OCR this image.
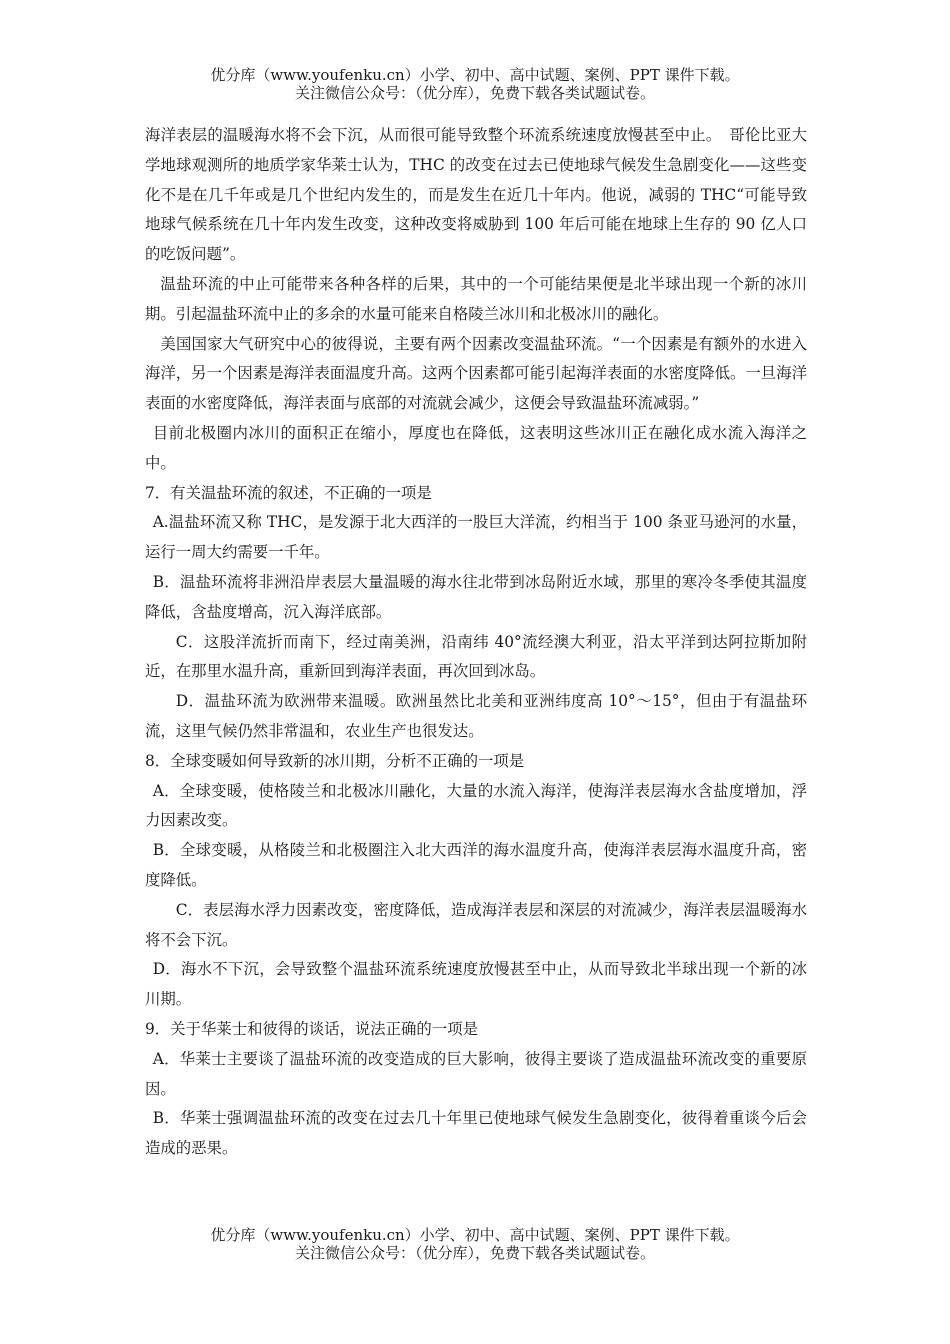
优分库（www.youfenku.cn）小学、初中、高中试题、案例、PPT 课件下载。
关注微信公众号：（优分库），免费下载各类试题试卷。

海洋表层的温暖海水将不会下沉，从而很可能导致整个环流系统速度放慢甚至中止。　哥伦比亚大学地球观测所的地质学家华莱士认为，THC 的改变在过去已使地球气候发生急剧变化——这些变化不是在几千年或是几个世纪内发生的，而是发生在近几十年内。他说，减弱的 THC“可能导致地球气候系统在几十年内发生改变，这种改变将威胁到 100 年后可能在地球上生存的 90 亿人口的吃饭问题”。

温盐环流的中止可能带来各种各样的后果，其中的一个可能结果便是北半球出现一个新的冰川期。引起温盐环流中止的多余的水量可能来自格陵兰冰川和北极冰川的融化。

美国国家大气研究中心的彼得说，主要有两个因素改变温盐环流。“一个因素是有额外的水进入海洋，另一个因素是海洋表面温度升高。这两个因素都可能引起海洋表面的水密度降低。一旦海洋表面的水密度降低，海洋表面与底部的对流就会减少，这便会导致温盐环流减弱。”

目前北极圈内冰川的面积正在缩小，厚度也在降低，这表明这些冰川正在融化成水流入海洋之中。

7．有关温盐环流的叙述，不正确的一项是

A.温盐环流又称 THC，是发源于北大西洋的一股巨大洋流，约相当于 100 条亚马逊河的水量，运行一周大约需要一千年。

B．温盐环流将非洲沿岸表层大量温暖的海水往北带到冰岛附近水域，那里的寒冷冬季使其温度降低，含盐度增高，沉入海洋底部。

C．这股洋流折而南下，经过南美洲，沿南纬 40°流经澳大利亚，沿太平洋到达阿拉斯加附近，在那里水温升高，重新回到海洋表面，再次回到冰岛。

D．温盐环流为欧洲带来温暖。欧洲虽然比北美和亚洲纬度高 10°～15°，但由于有温盐环流，这里气候仍然非常温和，农业生产也很发达。

8．全球变暖如何导致新的冰川期，分析不正确的一项是

A．全球变暖，使格陵兰和北极冰川融化，大量的水流入海洋，使海洋表层海水含盐度增加，浮力因素改变。

B．全球变暖，从格陵兰和北极圈注入北大西洋的海水温度升高，使海洋表层海水温度升高，密度降低。

C．表层海水浮力因素改变，密度降低，造成海洋表层和深层的对流减少，海洋表层温暖海水将不会下沉。

D．海水不下沉，会导致整个温盐环流系统速度放慢甚至中止，从而导致北半球出现一个新的冰川期。

9．关于华莱士和彼得的谈话，说法正确的一项是

A．华莱士主要谈了温盐环流的改变造成的巨大影响，彼得主要谈了造成温盐环流改变的重要原因。

B．华莱士强调温盐环流的改变在过去几十年里已使地球气候发生急剧变化，彼得着重谈今后会造成的恶果。

优分库（www.youfenku.cn）小学、初中、高中试题、案例、PPT 课件下载。
关注微信公众号：（优分库），免费下载各类试题试卷。
